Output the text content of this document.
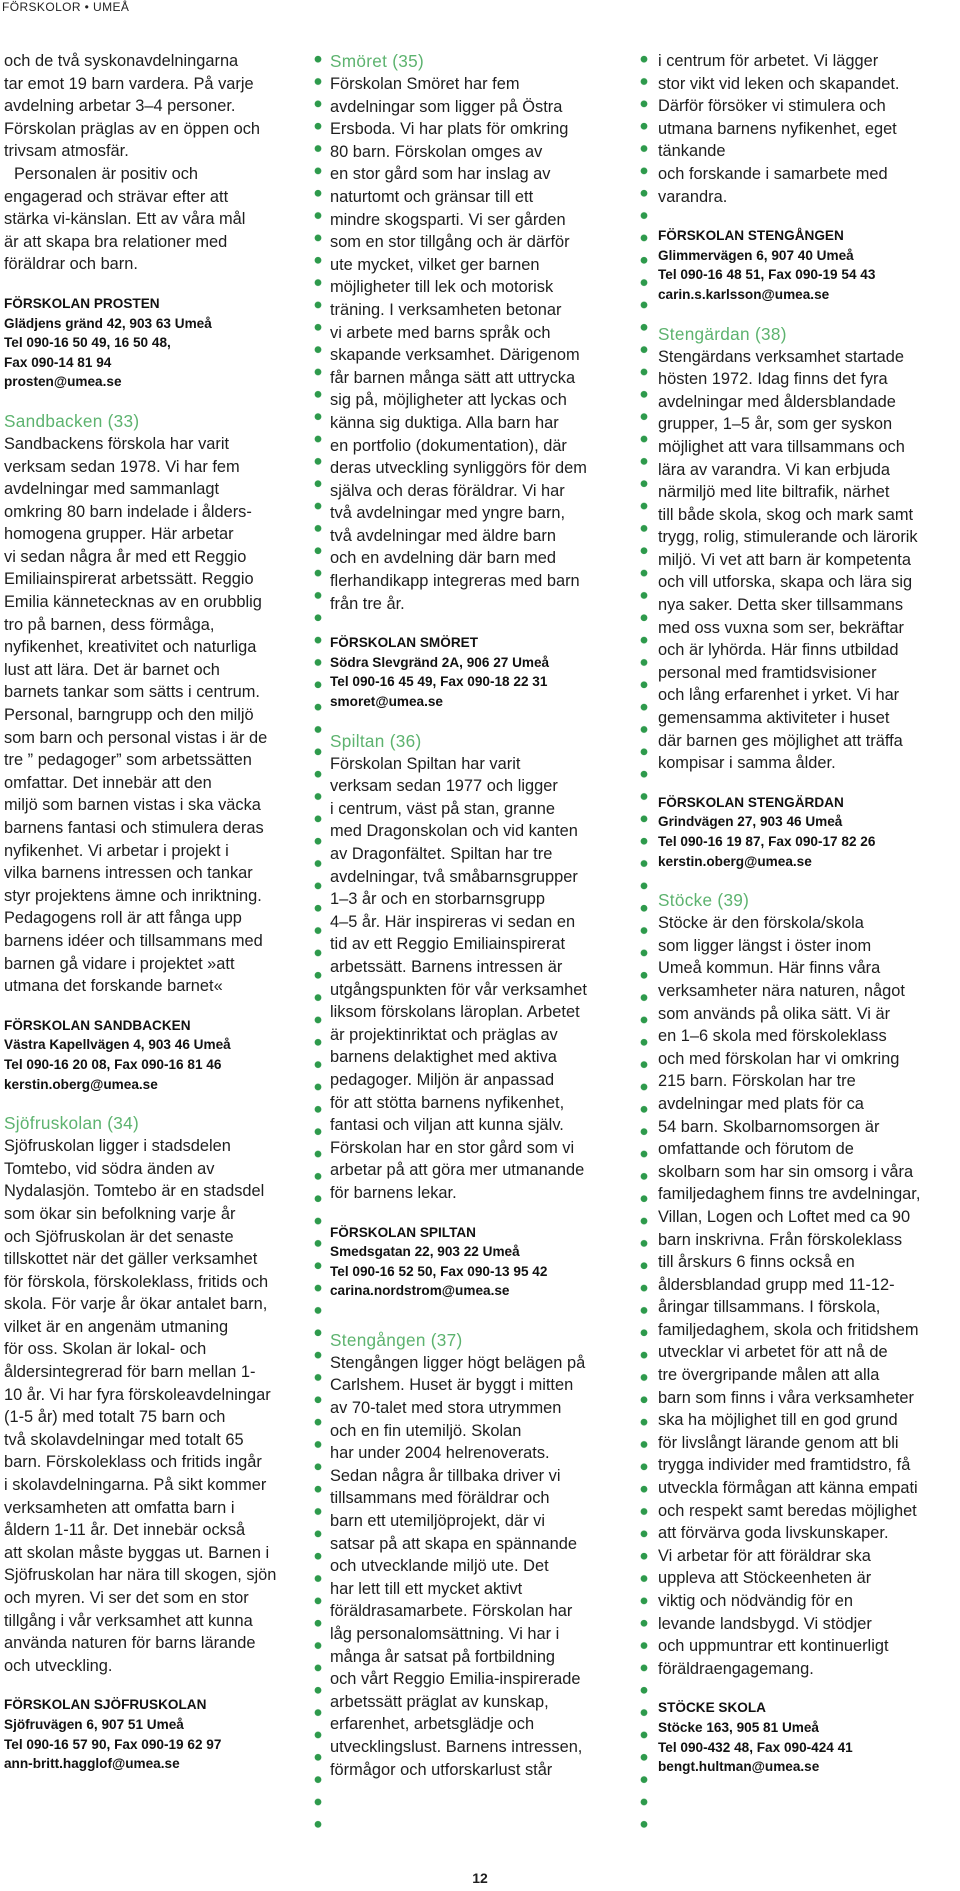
FÖRSKOLOR • UMEÅ

och de två syskonavdelningarna

tar emot 19 barn vardera. På varje

avdelning arbetar 3–4 personer.

Förskolan präglas av en öppen och

trivsam atmosfär.

Personalen är positiv och

engagerad och strävar efter att

stärka vi-känslan. Ett av våra mål

är att skapa bra relationer med

föräldrar och barn.

FÖRSKOLAN PROSTEN

Glädjens gränd 42, 903 63 Umeå

Tel 090-16 50 49, 16 50 48,

Fax 090-14 81 94

prosten@umea.se

Sandbacken (33)

Sandbackens förskola har varit

verksam sedan 1978. Vi har fem

avdelningar med sammanlagt

omkring 80 barn indelade i ålders-

homogena grupper. Här arbetar

vi sedan några år med ett Reggio

Emiliainspirerat arbetssätt. Reggio

Emilia kännetecknas av en orubblig

tro på barnen, dess förmåga,

nyfikenhet, kreativitet och naturliga

lust att lära. Det är barnet och

barnets tankar som sätts i centrum.

Personal, barngrupp och den miljö

som barn och personal vistas i är de

tre ” pedagoger” som arbetssätten

omfattar. Det innebär att den

miljö som barnen vistas i ska väcka

barnens fantasi och stimulera deras

nyfikenhet. Vi arbetar i projekt i

vilka barnens intressen och tankar

styr projektens ämne och inriktning.

Pedagogens roll är att fånga upp

barnens idéer och tillsammans med

barnen gå vidare i projektet »att

utmana det forskande barnet«

FÖRSKOLAN SANDBACKEN

Västra Kapellvägen 4, 903 46 Umeå

Tel 090-16 20 08, Fax 090-16 81 46

kerstin.oberg@umea.se

Sjöfruskolan (34)

Sjöfruskolan ligger i stadsdelen

Tomtebo, vid södra änden av

Nydalasjön. Tomtebo är en stadsdel

som ökar sin befolkning varje år

och Sjöfruskolan är det senaste

tillskottet när det gäller verksamhet

för förskola, förskoleklass, fritids och

skola. För varje år ökar antalet barn,

vilket är en angenäm utmaning

för oss. Skolan är lokal- och

åldersintegrerad för barn mellan 1-

10 år. Vi har fyra förskoleavdelningar

(1-5 år) med totalt 75 barn och

två skolavdelningar med totalt 65

barn. Förskoleklass och fritids ingår

i skolavdelningarna. På sikt kommer

verksamheten att omfatta barn i

åldern 1-11 år. Det innebär också

att skolan måste byggas ut. Barnen i

Sjöfruskolan har nära till skogen, sjön

och myren. Vi ser det som en stor

tillgång i vår verksamhet att kunna

använda naturen för barns lärande

och utveckling.

FÖRSKOLAN SJÖFRUSKOLAN

Sjöfruvägen 6, 907 51 Umeå

Tel 090-16 57 90, Fax 090-19 62 97

ann-britt.hagglof@umea.se

Smöret (35)

Förskolan Smöret har fem

avdelningar som ligger på Östra

Ersboda. Vi har plats för omkring

80 barn. Förskolan omges av

en stor gård som har inslag av

naturtomt och gränsar till ett

mindre skogsparti. Vi ser gården

som en stor tillgång och är därför

ute mycket, vilket ger barnen

möjligheter till lek och motorisk

träning. I verksamheten betonar

vi arbete med barns språk och

skapande verksamhet. Därigenom

får barnen många sätt att uttrycka

sig på, möjligheter att lyckas och

känna sig duktiga. Alla barn har

en portfolio (dokumentation), där

deras utveckling synliggörs för dem

själva och deras föräldrar. Vi har

två avdelningar med yngre barn,

två avdelningar med äldre barn

och en avdelning där barn med

flerhandikapp integreras med barn

från tre år.

FÖRSKOLAN SMÖRET

Södra Slevgränd 2A, 906 27 Umeå

Tel 090-16 45 49, Fax 090-18 22 31

smoret@umea.se

Spiltan (36)

Förskolan Spiltan har varit

verksam sedan 1977 och ligger

i centrum, väst på stan, granne

med Dragonskolan och vid kanten

av Dragonfältet. Spiltan har tre

avdelningar, två småbarnsgrupper

1–3 år och en storbarnsgrupp

4–5 år. Här inspireras vi sedan en

tid av ett Reggio Emiliainspirerat

arbetssätt. Barnens intressen är

utgångspunkten för vår verksamhet

liksom förskolans läroplan. Arbetet

är projektinriktat och präglas av

barnens delaktighet med aktiva

pedagoger. Miljön är anpassad

för att stötta barnens nyfikenhet,

fantasi och viljan att kunna själv.

Förskolan har en stor gård som vi

arbetar på att göra mer utmanande

för barnens lekar.

FÖRSKOLAN SPILTAN

Smedsgatan 22, 903 22 Umeå

Tel 090-16 52 50, Fax 090-13 95 42

carina.nordstrom@umea.se

Stengången (37)

Stengången ligger högt belägen på

Carlshem. Huset är byggt i mitten

av 70-talet med stora utrymmen

och en fin utemiljö. Skolan

har under 2004 helrenoverats.

Sedan några år tillbaka driver vi

tillsammans med föräldrar och

barn ett utemiljöprojekt, där vi

satsar på att skapa en spännande

och utvecklande miljö ute. Det

har lett till ett mycket aktivt

föräldrasamarbete. Förskolan har

låg personalomsättning. Vi har i

många år satsat på fortbildning

och vårt Reggio Emilia-inspirerade

arbetssätt präglat av kunskap,

erfarenhet, arbetsglädje och

utvecklingslust. Barnens intressen,

förmågor och utforskarlust står

i centrum för arbetet. Vi lägger

stor vikt vid leken och skapandet.

Därför försöker vi stimulera och

utmana barnens nyfikenhet, eget tänkande

och forskande i samarbete med

varandra.

FÖRSKOLAN STENGÅNGEN

Glimmervägen 6, 907 40 Umeå

Tel 090-16 48 51, Fax 090-19 54 43

carin.s.karlsson@umea.se

Stengärdan (38)

Stengärdans verksamhet startade

hösten 1972. Idag finns det fyra

avdelningar med åldersblandade

grupper, 1–5 år, som ger syskon

möjlighet att vara tillsammans och

lära av varandra. Vi kan erbjuda

närmiljö med lite biltrafik, närhet

till både skola, skog och mark samt

trygg, rolig, stimulerande och lärorik

miljö. Vi vet att barn är kompetenta

och vill utforska, skapa och lära sig

nya saker. Detta sker tillsammans

med oss vuxna som ser, bekräftar

och är lyhörda. Här finns utbildad

personal med framtidsvisioner

och lång erfarenhet i yrket. Vi har

gemensamma aktiviteter i huset

där barnen ges möjlighet att träffa

kompisar i samma ålder.

FÖRSKOLAN STENGÄRDAN

Grindvägen 27, 903 46 Umeå

Tel 090-16 19 87, Fax 090-17 82 26

kerstin.oberg@umea.se

Stöcke (39)

Stöcke är den förskola/skola

som ligger längst i öster inom

Umeå kommun. Här finns våra

verksamheter nära naturen, något

som används på olika sätt. Vi är

en 1–6 skola med förskoleklass

och med förskolan har vi omkring

215 barn. Förskolan har tre

avdelningar med plats för ca

54 barn. Skolbarnomsorgen är

omfattande och förutom de

skolbarn som har sin omsorg i våra

familjedaghem finns tre avdelningar,

Villan, Logen och Loftet med ca 90

barn inskrivna. Från förskoleklass

till årskurs 6 finns också en

åldersblandad grupp med 11-12-

åringar tillsammans. I förskola,

familjedaghem, skola och fritidshem

utvecklar vi arbetet för att nå de

tre övergripande målen att alla

barn som finns i våra verksamheter

ska ha möjlighet till en god grund

för livslångt lärande genom att bli

trygga individer med framtidstro, få

utveckla förmågan att känna empati

och respekt samt beredas möjlighet

att förvärva goda livskunskaper.

Vi arbetar för att föräldrar ska

uppleva att Stöckeenheten är

viktig och nödvändig för en

levande landsbygd. Vi stödjer

och uppmuntrar ett kontinuerligt

föräldraengagemang.

STÖCKE SKOLA

Stöcke 163, 905 81 Umeå

Tel 090-432 48, Fax 090-424 41

bengt.hultman@umea.se

12
